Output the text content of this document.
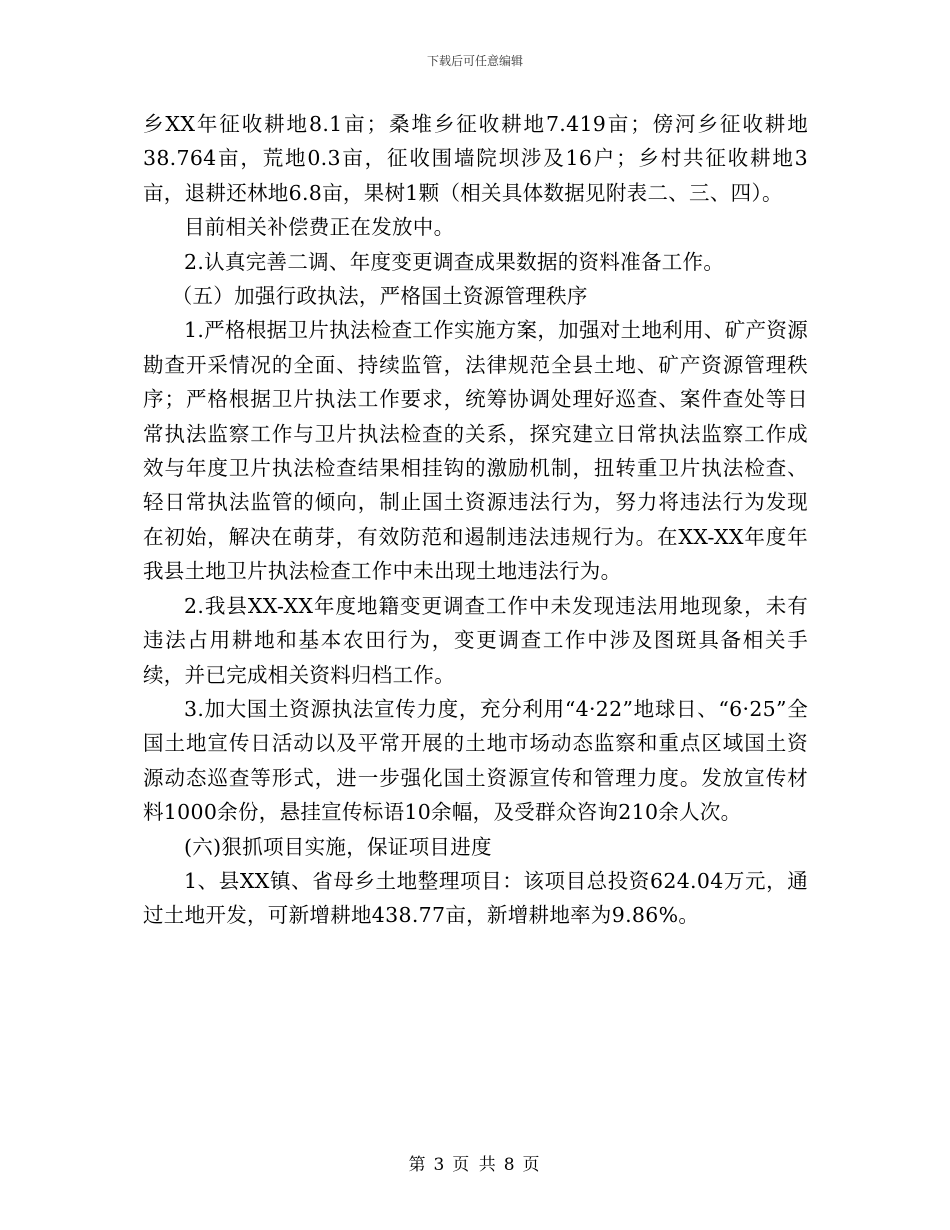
下载后可任意编辑

乡XX年征收耕地8.1亩；桑堆乡征收耕地7.419亩；傍河乡征收耕地38.764亩，荒地0.3亩，征收围墙院坝涉及16户；乡村共征收耕地3亩，退耕还林地6.8亩，果树1颗（相关具体数据见附表二、三、四）。

目前相关补偿费正在发放中。

2.认真完善二调、年度变更调查成果数据的资料准备工作。

（五）加强行政执法，严格国土资源管理秩序

1.严格根据卫片执法检查工作实施方案，加强对土地利用、矿产资源勘查开采情况的全面、持续监管，法律规范全县土地、矿产资源管理秩序；严格根据卫片执法工作要求，统筹协调处理好巡查、案件查处等日常执法监察工作与卫片执法检查的关系，探究建立日常执法监察工作成效与年度卫片执法检查结果相挂钩的激励机制，扭转重卫片执法检查、轻日常执法监管的倾向，制止国土资源违法行为，努力将违法行为发现在初始，解决在萌芽，有效防范和遏制违法违规行为。在XX-XX年度年我县土地卫片执法检查工作中未出现土地违法行为。

2.我县XX-XX年度地籍变更调查工作中未发现违法用地现象，未有违法占用耕地和基本农田行为，变更调查工作中涉及图斑具备相关手续，并已完成相关资料归档工作。

3.加大国土资源执法宣传力度，充分利用“4·22”地球日、“6·25”全国土地宣传日活动以及平常开展的土地市场动态监察和重点区域国土资源动态巡查等形式，进一步强化国土资源宣传和管理力度。发放宣传材料1000余份，悬挂宣传标语10余幅，及受群众咨询210余人次。

(六)狠抓项目实施，保证项目进度

1、县XX镇、省母乡土地整理项目：该项目总投资624.04万元，通过土地开发，可新增耕地438.77亩，新增耕地率为9.86%。

第 3 页 共 8 页
